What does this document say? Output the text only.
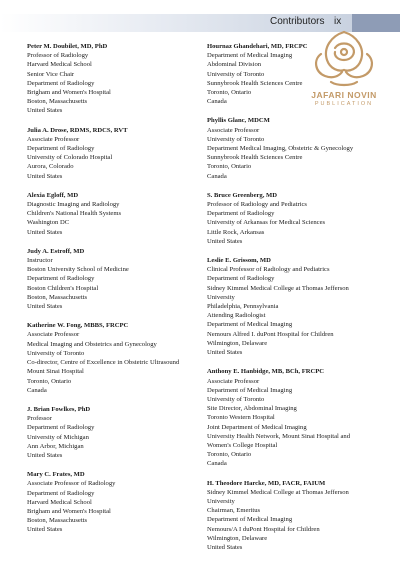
Contributors ix
JAFARI NOVIN
PUBLICATION
Peter M. Doubilet, MD, PhD
Professor of Radiology
Harvard Medical School
Senior Vice Chair
Department of Radiology
Brigham and Women's Hospital
Boston, Massachusetts
United States
Julia A. Drose, RDMS, RDCS, RVT
Associate Professor
Department of Radiology
University of Colorado Hospital
Aurora, Colorado
United States
Alexia Egloff, MD
Diagnostic Imaging and Radiology
Children's National Health Systems
Washington DC
United States
Judy A. Estroff, MD
Instructor
Boston University School of Medicine
Department of Radiology
Boston Children's Hospital
Boston, Massachusetts
United States
Katherine W. Fong, MBBS, FRCPC
Associate Professor
Medical Imaging and Obstetrics and Gynecology
University of Toronto
Co-director, Centre of Excellence in Obstetric Ultrasound
Mount Sinai Hospital
Toronto, Ontario
Canada
J. Brian Fowlkes, PhD
Professor
Department of Radiology
University of Michigan
Ann Arbor, Michigan
United States
Mary C. Frates, MD
Associate Professor of Radiology
Department of Radiology
Harvard Medical School
Brigham and Women's Hospital
Boston, Massachusetts
United States
Hournaz Ghandehari, MD, FRCPC
Department of Medical Imaging
Abdominal Division
University of Toronto
Sunnybrook Health Sciences Centre
Toronto, Ontario
Canada
Phyllis Glanc, MDCM
Associate Professor
University of Toronto
Department Medical Imaging, Obstetric & Gynecology
Sunnybrook Health Sciences Centre
Toronto, Ontario
Canada
S. Bruce Greenberg, MD
Professor of Radiology and Pediatrics
Department of Radiology
University of Arkansas for Medical Sciences
Little Rock, Arkansas
United States
Leslie E. Grissom, MD
Clinical Professor of Radiology and Pediatrics
Department of Radiology
Sidney Kimmel Medical College at Thomas Jefferson
University
Philadelphia, Pennsylvania
Attending Radiologist
Department of Medical Imaging
Nemours Alfred I. duPont Hospital for Children
Wilmington, Delaware
United States
Anthony E. Hanbidge, MB, BCh, FRCPC
Associate Professor
Department of Medical Imaging
University of Toronto
Site Director, Abdominal Imaging
Toronto Western Hospital
Joint Department of Medical Imaging
University Health Network, Mount Sinai Hospital and
Women's College Hospital
Toronto, Ontario
Canada
H. Theodore Harcke, MD, FACR, FAIUM
Sidney Kimmel Medical College at Thomas Jefferson
University
Chairman, Emeritus
Department of Medical Imaging
Nemours/A I duPont Hospital for Children
Wilmington, Delaware
United States
